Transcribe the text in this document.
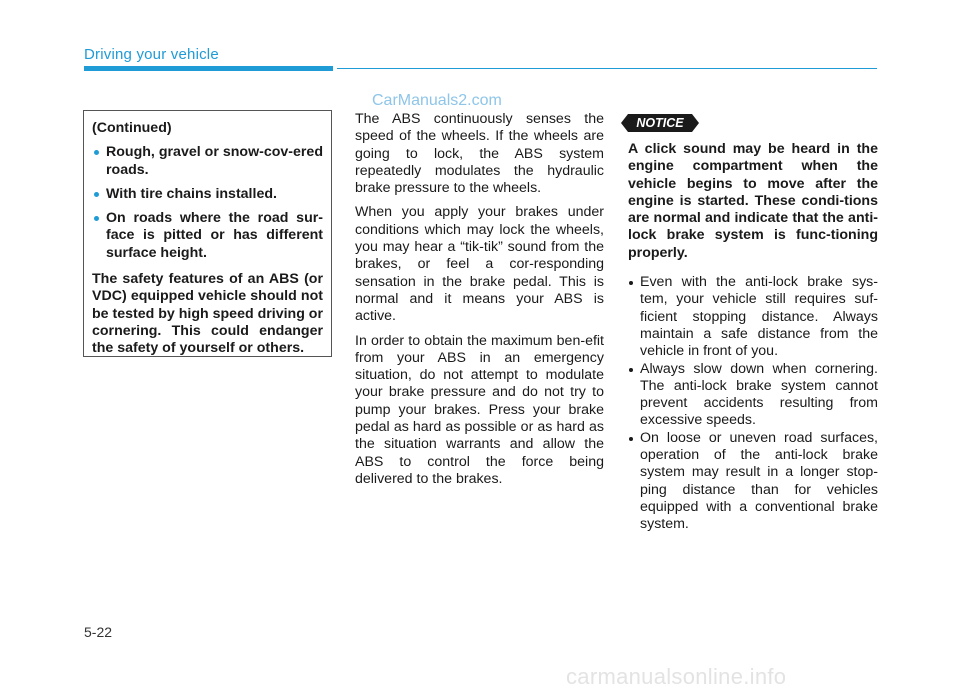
Driving your vehicle
CarManuals2.com
(Continued)
Rough, gravel or snow-cov-ered roads.
With tire chains installed.
On roads where the road sur-face is pitted or has different surface height.

The safety features of an ABS (or VDC) equipped vehicle should not be tested by high speed driving or cornering. This could endanger the safety of yourself or others.

The ABS continuously senses the speed of the wheels. If the wheels are going to lock, the ABS system repeatedly modulates the hydraulic brake pressure to the wheels.

When you apply your brakes under conditions which may lock the wheels, you may hear a “tik-tik” sound from the brakes, or feel a cor-responding sensation in the brake pedal. This is normal and it means your ABS is active.

In order to obtain the maximum ben-efit from your ABS in an emergency situation, do not attempt to modulate your brake pressure and do not try to pump your brakes. Press your brake pedal as hard as possible or as hard as the situation warrants and allow the ABS to control the force being delivered to the brakes.

NOTICE

A click sound may be heard in the engine compartment when the vehicle begins to move after the engine is started. These condi-tions are normal and indicate that the anti-lock brake system is func-tioning properly.

Even with the anti-lock brake sys-tem, your vehicle still requires suf-ficient stopping distance. Always maintain a safe distance from the vehicle in front of you.
Always slow down when cornering. The anti-lock brake system cannot prevent accidents resulting from excessive speeds.
On loose or uneven road surfaces, operation of the anti-lock brake system may result in a longer stop-ping distance than for vehicles equipped with a conventional brake system.
5-22
carmanualsonline.info
